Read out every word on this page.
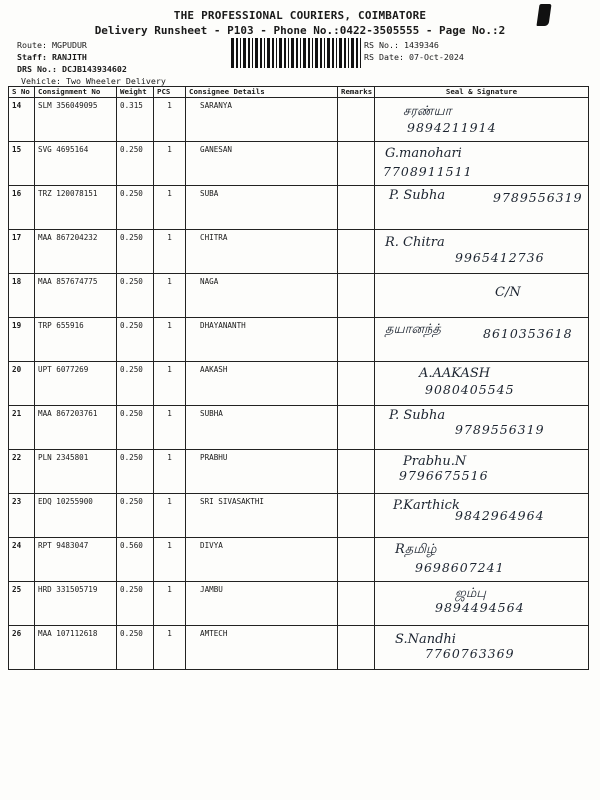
THE PROFESSIONAL COURIERS, COIMBATORE
Delivery Runsheet - P103 - Phone No.:0422-3505555 - Page No.:2
Route: MGPUDUR
Staff: RANJITH
DRS No.: DCJB143934602
Vehicle: Two Wheeler Delivery
RS No.: 1439346
RS Date: 07-Oct-2024
S No	Consignment No	Weight	PCS	Consignee Details	Remarks	Seal & Signature
14	SLM 356049095	0.315	1	SARANYA		சரண்யா
9894211914

15	SVG 4695164	0.250	1	GANESAN		G.manohari
7708911511

16	TRZ 120078151	0.250	1	SUBA		P. Subha 9789556319

17	MAA 867204232	0.250	1	CHITRA		R. Chitra
9965412736

18	MAA 857674775	0.250	1	NAGA		C/N

19	TRP 655916	0.250	1	DHAYANANTH		தயானந்த் 8610353618

20	UPT 6077269	0.250	1	AAKASH		A.AAKASH
9080405545

21	MAA 867203761	0.250	1	SUBHA		P. Subha
9789556319

22	PLN 2345801	0.250	1	PRABHU		Prabhu.N
9796675516

23	EDQ 10255900	0.250	1	SRI SIVASAKTHI		P.Karthick
9842964964

24	RPT 9483047	0.560	1	DIVYA		Rதமிழ்
9698607241

25	HRD 331505719	0.250	1	JAMBU		ஜம்பு
9894494564

26	MAA 107112618	0.250	1	AMTECH		S.Nandhi
7760763369
